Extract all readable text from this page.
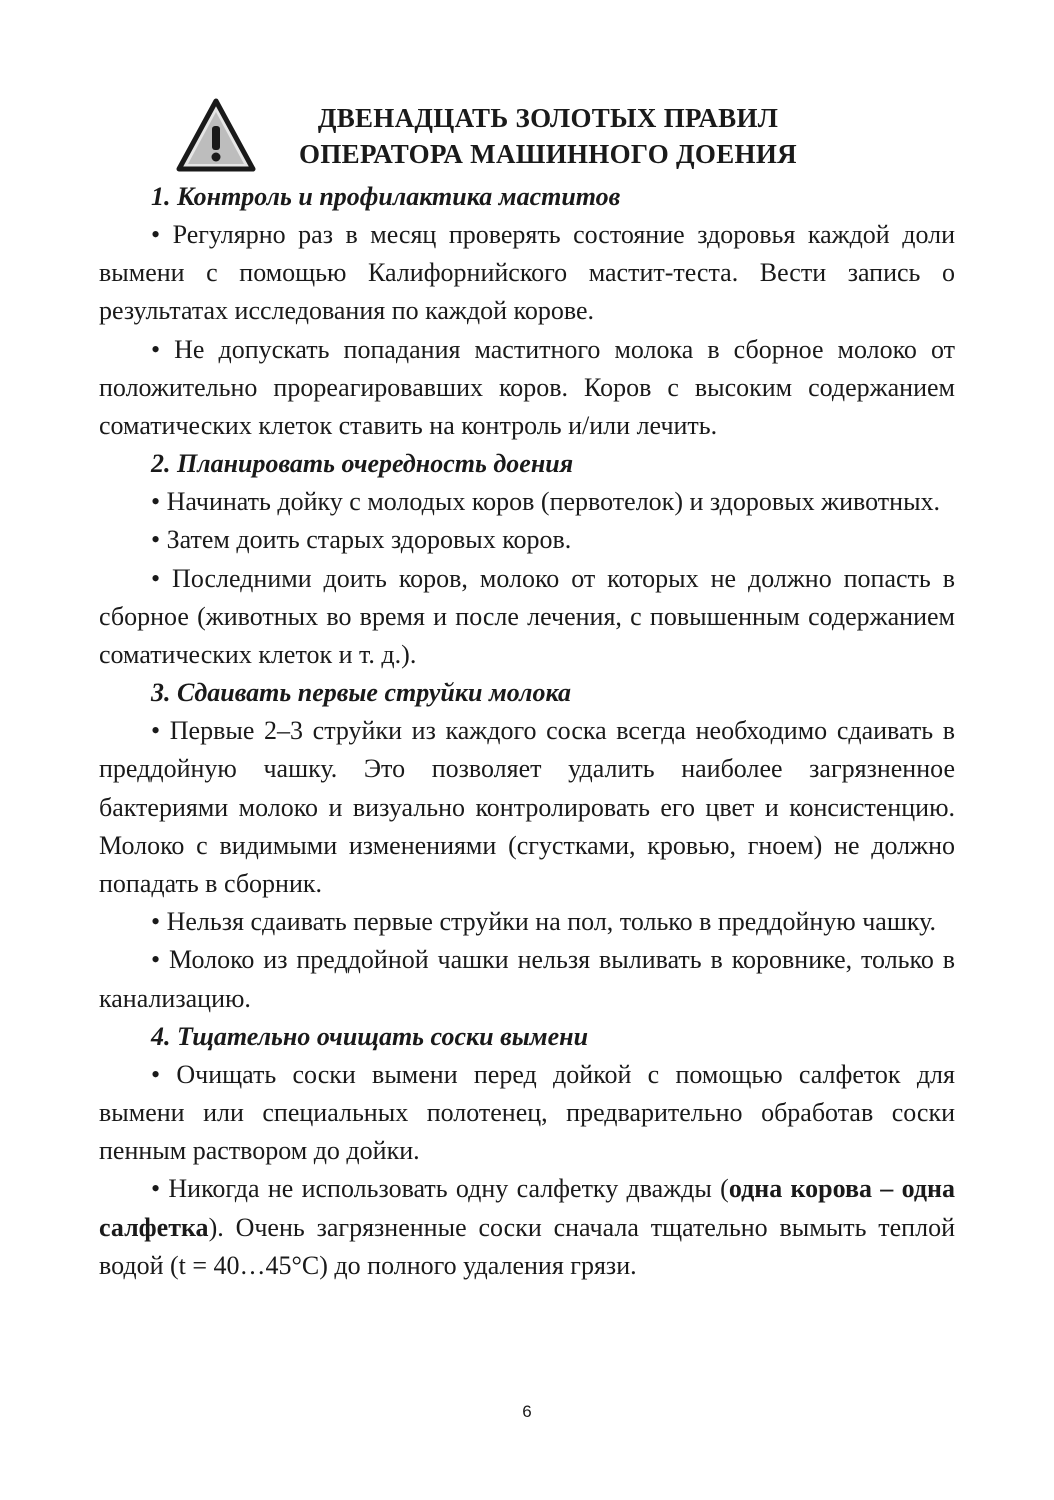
ДВЕНАДЦАТЬ ЗОЛОТЫХ ПРАВИЛ
ОПЕРАТОРА МАШИННОГО ДОЕНИЯ

1. Контроль и профилактика маститов

• Регулярно раз в месяц проверять состояние здоровья каждой доли вымени с помощью Калифорнийского мастит-теста. Вести запись о результатах исследования по каждой корове.

• Не допускать попадания маститного молока в сборное молоко от положительно прореагировавших коров. Коров с высоким содержанием соматических клеток ставить на контроль и/или лечить.

2. Планировать очередность доения

• Начинать дойку с молодых коров (первотелок) и здоровых животных.

• Затем доить старых здоровых коров.

• Последними доить коров, молоко от которых не должно попасть в сборное (животных во время и после лечения, с повышенным содержанием соматических клеток и т. д.).

3. Сдаивать первые струйки молока

• Первые 2–3 струйки из каждого соска всегда необходимо сдаивать в преддойную чашку. Это позволяет удалить наиболее загрязненное бактериями молоко и визуально контролировать его цвет и консистенцию. Молоко с видимыми изменениями (сгустками, кровью, гноем) не должно попадать в сборник.

• Нельзя сдаивать первые струйки на пол, только в преддойную чашку.

• Молоко из преддойной чашки нельзя выливать в коровнике, только в канализацию.

4. Тщательно очищать соски вымени

• Очищать соски вымени перед дойкой с помощью салфеток для вымени или специальных полотенец, предварительно обработав соски пенным раствором до дойки.

• Никогда не использовать одну салфетку дважды (одна корова – одна салфетка). Очень загрязненные соски сначала тщательно вымыть теплой водой (t = 40…45°С) до полного удаления грязи.

6
